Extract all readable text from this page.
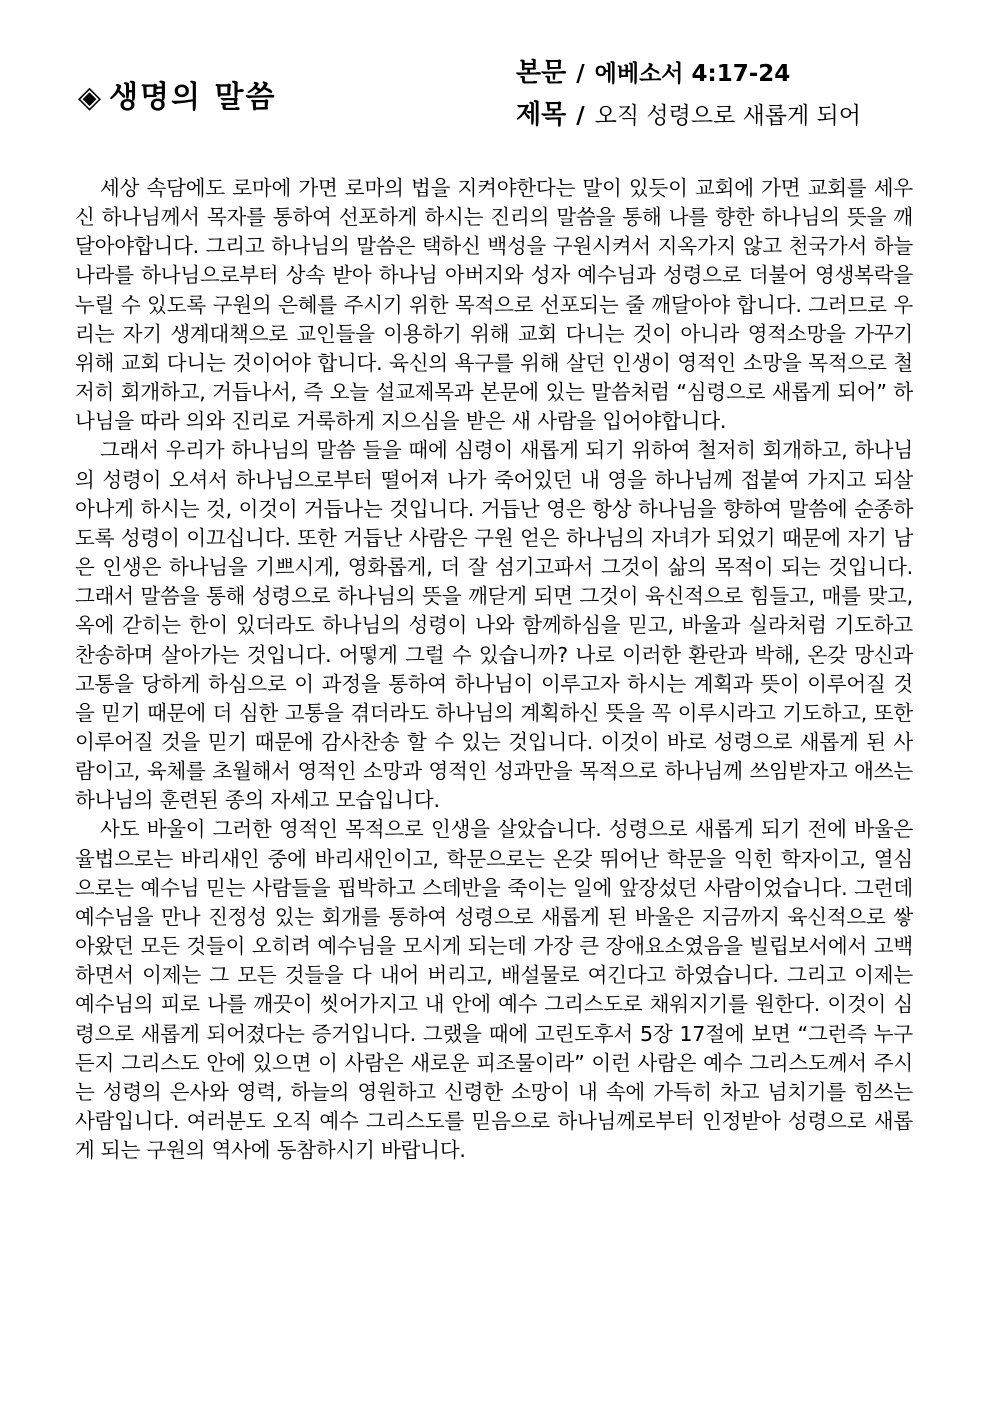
◈ 생명의 말씀
본문 / 에베소서 4:17-24
제목 / 오직 성령으로 새롭게 되어

세상 속담에도 로마에 가면 로마의 법을 지켜야한다는 말이 있듯이 교회에 가면 교회를 세우신 하나님께서 목자를 통하여 선포하게 하시는 진리의 말씀을 통해 나를 향한 하나님의 뜻을 깨달아야합니다. 그리고 하나님의 말씀은 택하신 백성을 구원시켜서 지옥가지 않고 천국가서 하늘나라를 하나님으로부터 상속 받아 하나님 아버지와 성자 예수님과 성령으로 더불어 영생복락을 누릴 수 있도록 구원의 은혜를 주시기 위한 목적으로 선포되는 줄 깨달아야 합니다. 그러므로 우리는 자기 생계대책으로 교인들을 이용하기 위해 교회 다니는 것이 아니라 영적소망을 가꾸기 위해 교회 다니는 것이어야 합니다. 육신의 욕구를 위해 살던 인생이 영적인 소망을 목적으로 철저히 회개하고, 거듭나서, 즉 오늘 설교제목과 본문에 있는 말씀처럼 “심령으로 새롭게 되어” 하나님을 따라 의와 진리로 거룩하게 지으심을 받은 새 사람을 입어야합니다.

그래서 우리가 하나님의 말씀 들을 때에 심령이 새롭게 되기 위하여 철저히 회개하고, 하나님의 성령이 오셔서 하나님으로부터 떨어져 나가 죽어있던 내 영을 하나님께 접붙여 가지고 되살아나게 하시는 것, 이것이 거듭나는 것입니다. 거듭난 영은 항상 하나님을 향하여 말씀에 순종하도록 성령이 이끄십니다. 또한 거듭난 사람은 구원 얻은 하나님의 자녀가 되었기 때문에 자기 남은 인생은 하나님을 기쁘시게, 영화롭게, 더 잘 섬기고파서 그것이 삶의 목적이 되는 것입니다. 그래서 말씀을 통해 성령으로 하나님의 뜻을 깨닫게 되면 그것이 육신적으로 힘들고, 매를 맞고, 옥에 갇히는 한이 있더라도 하나님의 성령이 나와 함께하심을 믿고, 바울과 실라처럼 기도하고 찬송하며 살아가는 것입니다. 어떻게 그럴 수 있습니까? 나로 이러한 환란과 박해, 온갖 망신과 고통을 당하게 하심으로 이 과정을 통하여 하나님이 이루고자 하시는 계획과 뜻이 이루어질 것을 믿기 때문에 더 심한 고통을 겪더라도 하나님의 계획하신 뜻을 꼭 이루시라고 기도하고, 또한 이루어질 것을 믿기 때문에 감사찬송 할 수 있는 것입니다. 이것이 바로 성령으로 새롭게 된 사람이고, 육체를 초월해서 영적인 소망과 영적인 성과만을 목적으로 하나님께 쓰임받자고 애쓰는 하나님의 훈련된 종의 자세고 모습입니다.

사도 바울이 그러한 영적인 목적으로 인생을 살았습니다. 성령으로 새롭게 되기 전에 바울은 율법으로는 바리새인 중에 바리새인이고, 학문으로는 온갖 뛰어난 학문을 익힌 학자이고, 열심으로는 예수님 믿는 사람들을 핍박하고 스데반을 죽이는 일에 앞장섰던 사람이었습니다. 그런데 예수님을 만나 진정성 있는 회개를 통하여 성령으로 새롭게 된 바울은 지금까지 육신적으로 쌓아왔던 모든 것들이 오히려 예수님을 모시게 되는데 가장 큰 장애요소였음을 빌립보서에서 고백하면서 이제는 그 모든 것들을 다 내어 버리고, 배설물로 여긴다고 하였습니다. 그리고 이제는 예수님의 피로 나를 깨끗이 씻어가지고 내 안에 예수 그리스도로 채워지기를 원한다. 이것이 심령으로 새롭게 되어졌다는 증거입니다. 그랬을 때에 고린도후서 5장 17절에 보면 “그런즉 누구든지 그리스도 안에 있으면 이 사람은 새로운 피조물이라” 이런 사람은 예수 그리스도께서 주시는 성령의 은사와 영력, 하늘의 영원하고 신령한 소망이 내 속에 가득히 차고 넘치기를 힘쓰는 사람입니다. 여러분도 오직 예수 그리스도를 믿음으로 하나님께로부터 인정받아 성령으로 새롭게 되는 구원의 역사에 동참하시기 바랍니다.
